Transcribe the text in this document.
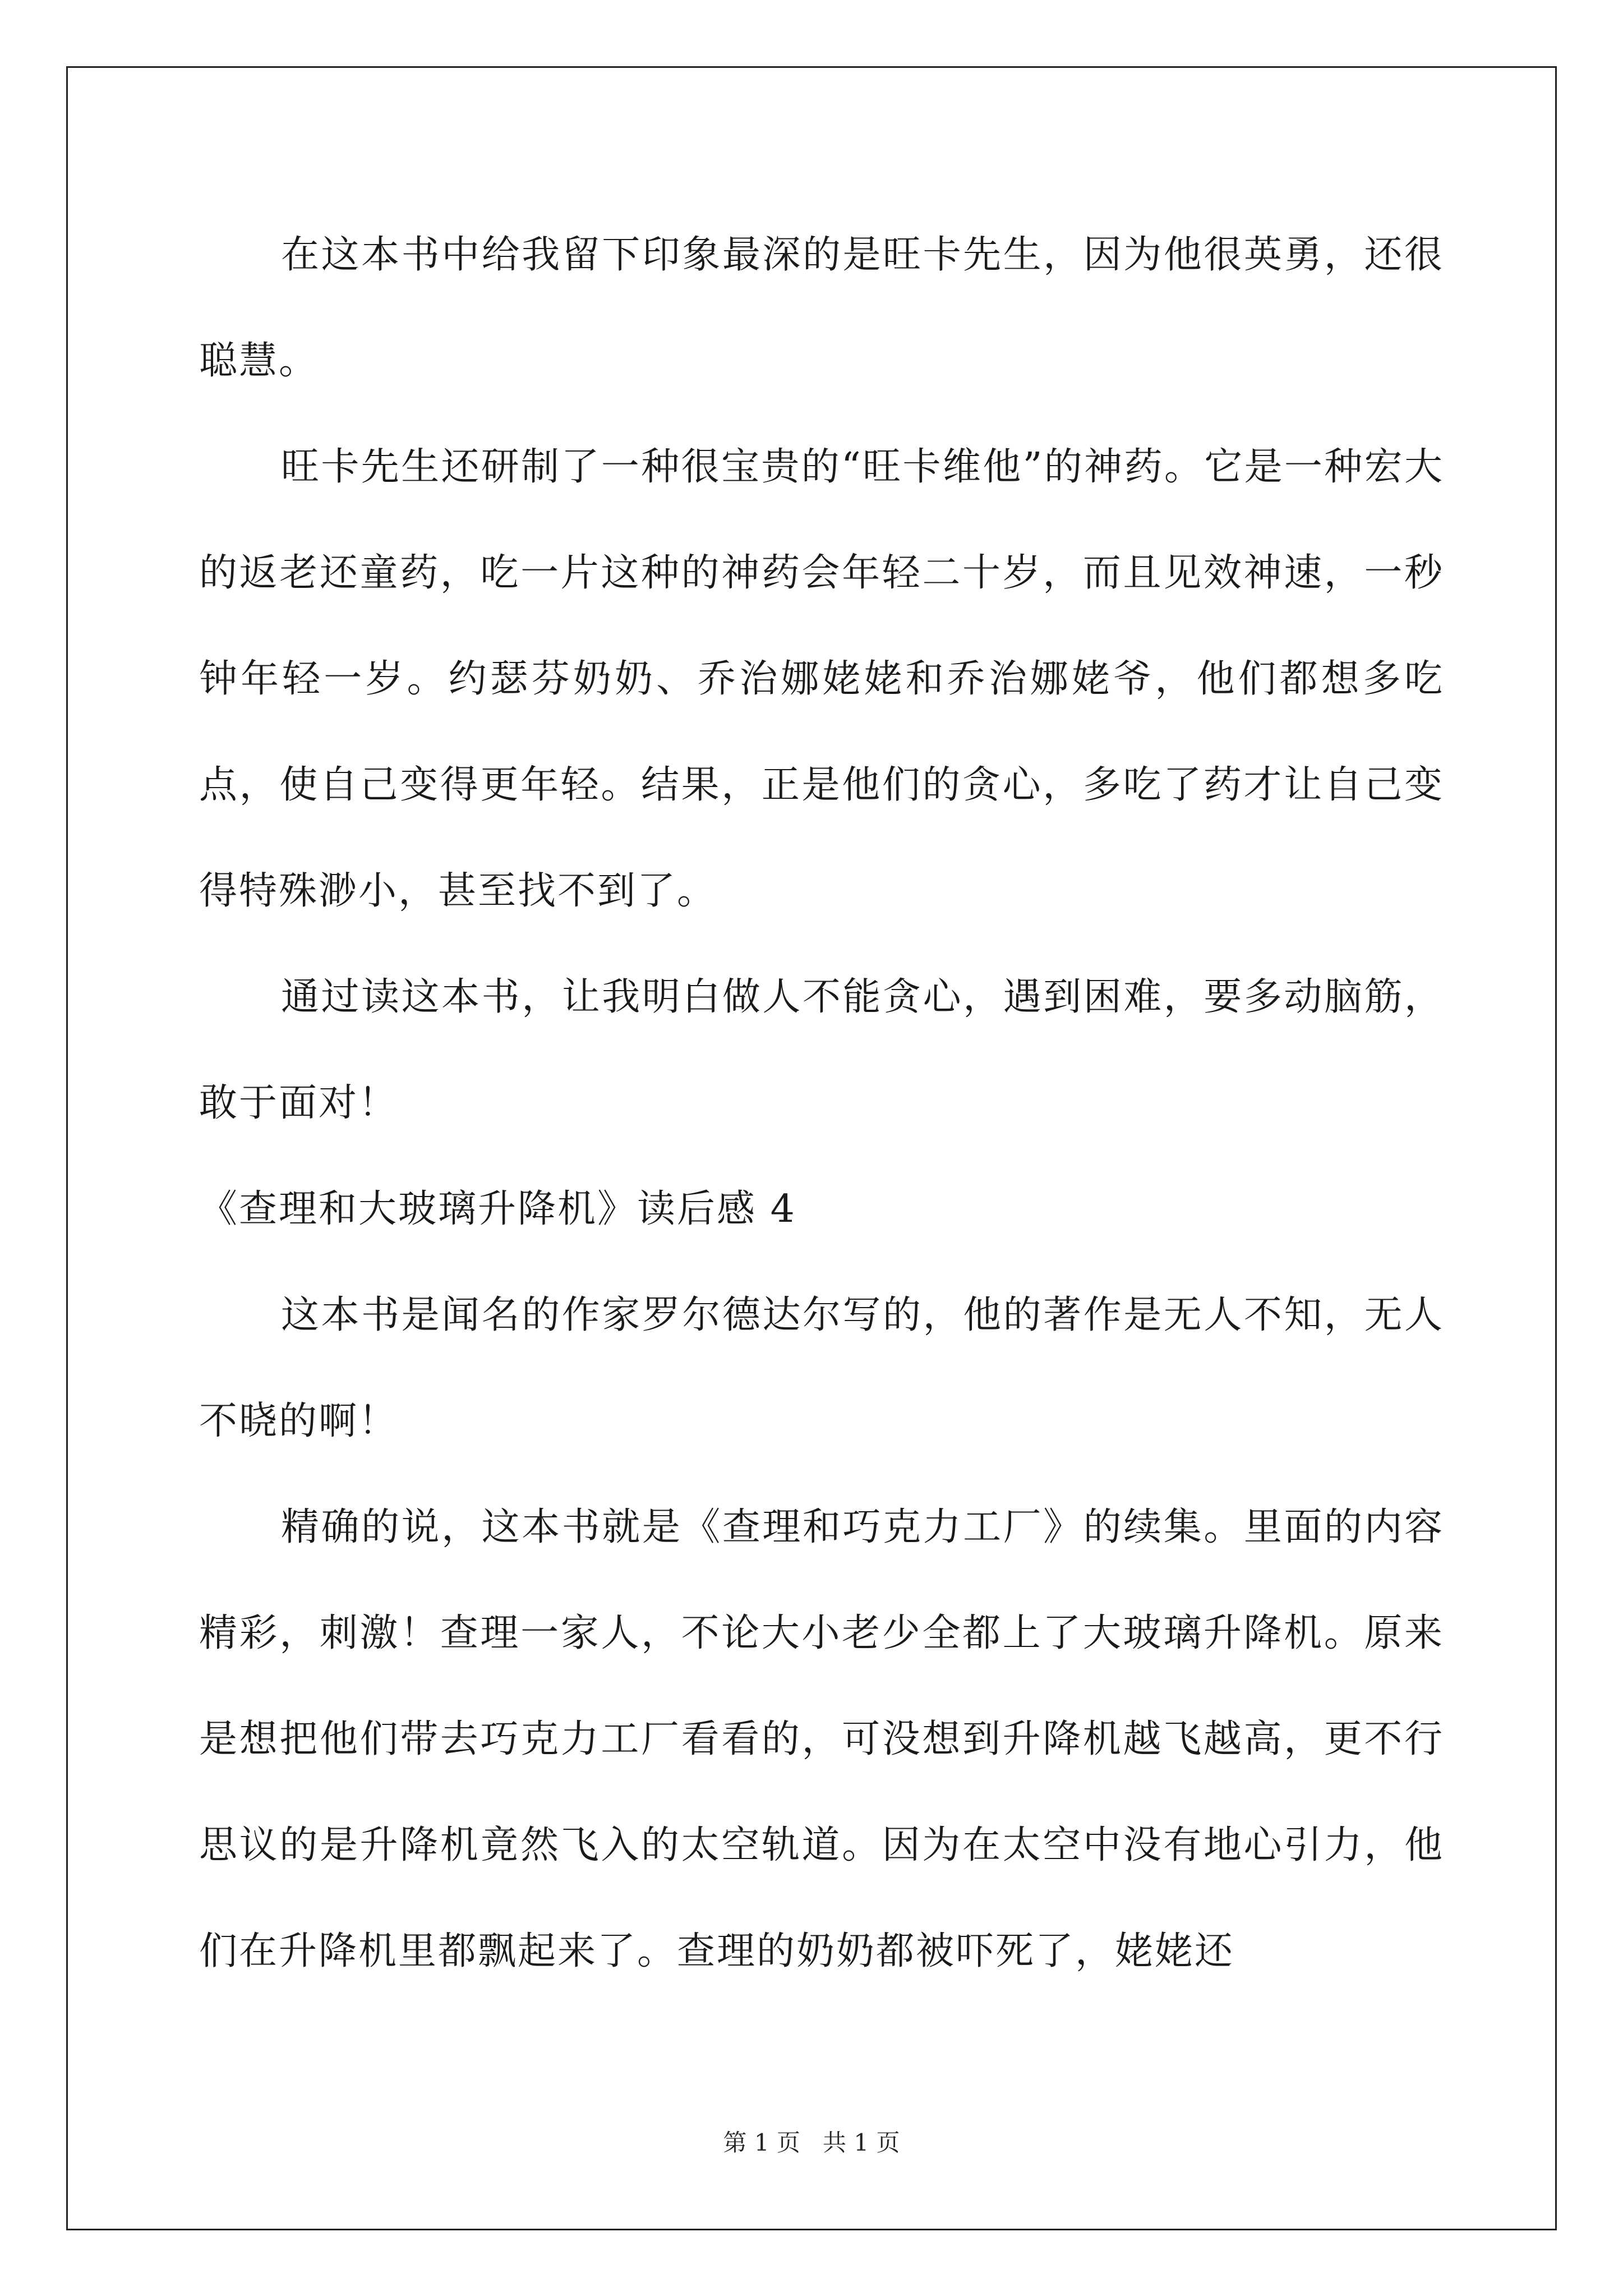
在这本书中给我留下印象最深的是旺卡先生，因为他很英勇，还很聪慧。

旺卡先生还研制了一种很宝贵的“旺卡维他”的神药。它是一种宏大的返老还童药，吃一片这种的神药会年轻二十岁，而且见效神速，一秒钟年轻一岁。约瑟芬奶奶、乔治娜姥姥和乔治娜姥爷，他们都想多吃点，使自己变得更年轻。结果，正是他们的贪心，多吃了药才让自己变得特殊渺小，甚至找不到了。

通过读这本书，让我明白做人不能贪心，遇到困难，要多动脑筋，敢于面对！

《查理和大玻璃升降机》读后感 4

这本书是闻名的作家罗尔德达尔写的，他的著作是无人不知，无人不晓的啊！

精确的说，这本书就是《查理和巧克力工厂》的续集。里面的内容精彩，刺激！查理一家人，不论大小老少全都上了大玻璃升降机。原来是想把他们带去巧克力工厂看看的，可没想到升降机越飞越高，更不行思议的是升降机竟然飞入的太空轨道。因为在太空中没有地心引力，他们在升降机里都飘起来了。查理的奶奶都被吓死了，姥姥还

第 1 页 共 1 页
